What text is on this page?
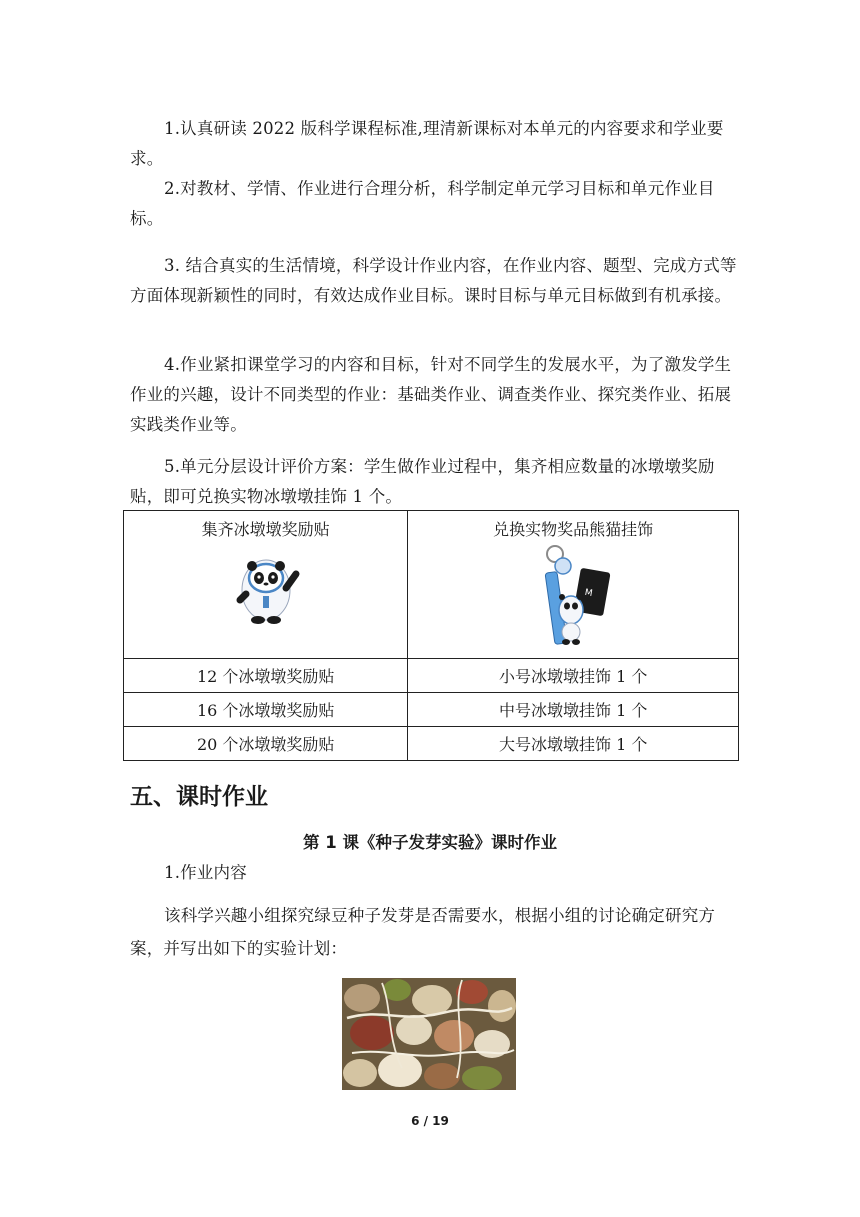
1.认真研读 2022 版科学课程标准,理清新课标对本单元的内容要求和学业要求。

2.对教材、学情、作业进行合理分析，科学制定单元学习目标和单元作业目标。

3. 结合真实的生活情境，科学设计作业内容，在作业内容、题型、完成方式等方面体现新颖性的同时，有效达成作业目标。课时目标与单元目标做到有机承接。

4.作业紧扣课堂学习的内容和目标，针对不同学生的发展水平，为了激发学生作业的兴趣，设计不同类型的作业：基础类作业、调查类作业、探究类作业、拓展实践类作业等。

5.单元分层设计评价方案：学生做作业过程中，集齐相应数量的冰墩墩奖励贴，即可兑换实物冰墩墩挂饰 1 个。

集齐冰墩墩奖励贴	兑换实物奖品熊猫挂饰
M

12 个冰墩墩奖励贴	小号冰墩墩挂饰 1 个
16 个冰墩墩奖励贴	中号冰墩墩挂饰 1 个
20 个冰墩墩奖励贴	大号冰墩墩挂饰 1 个
五、课时作业
第 1 课《种子发芽实验》课时作业

1.作业内容

该科学兴趣小组探究绿豆种子发芽是否需要水，根据小组的讨论确定研究方案，并写出如下的实验计划：

6 / 19
